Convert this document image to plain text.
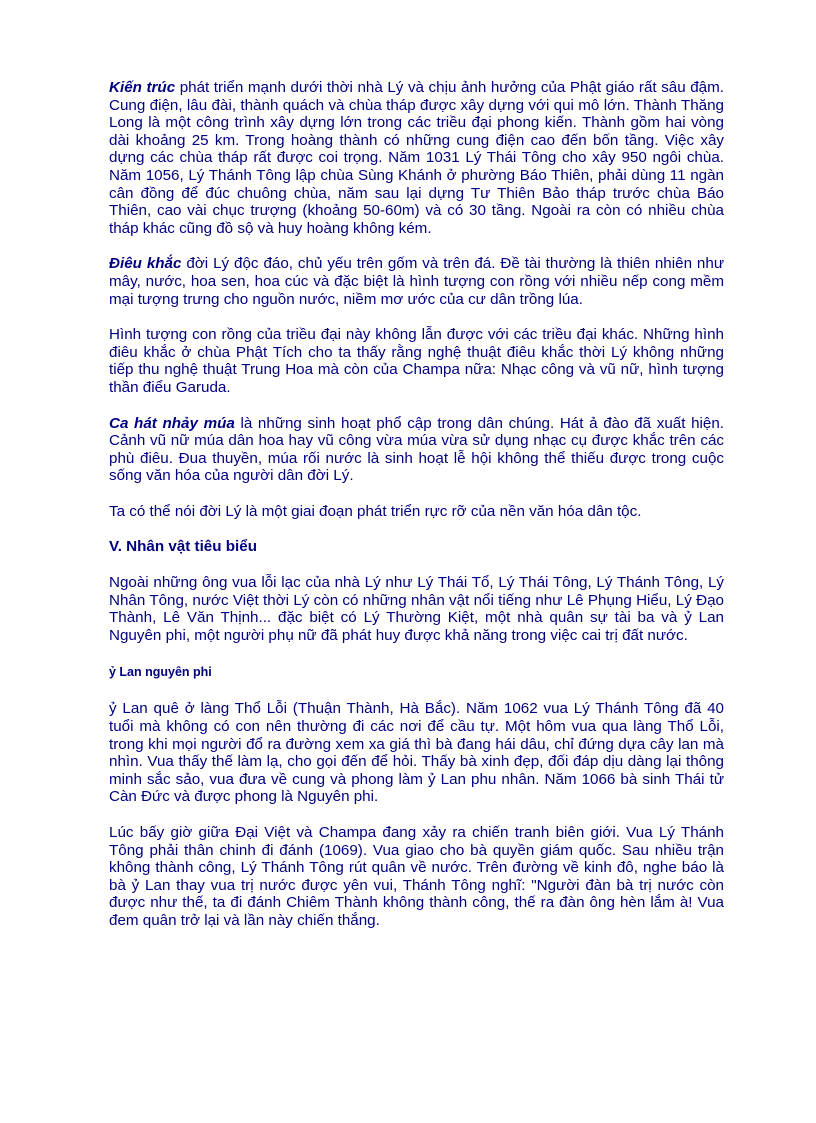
Kiến trúc phát triển mạnh dưới thời nhà Lý và chịu ảnh hưởng của Phật giáo rất sâu đậm. Cung điện, lâu đài, thành quách và chùa tháp được xây dựng với qui mô lớn. Thành Thăng Long là một công trình xây dựng lớn trong các triều đại phong kiến. Thành gồm hai vòng dài khoảng 25 km. Trong hoàng thành có những cung điện cao đến bốn tầng. Việc xây dựng các chùa tháp rất được coi trọng. Năm 1031 Lý Thái Tông cho xây 950 ngôi chùa. Năm 1056, Lý Thánh Tông lập chùa Sùng Khánh ở phường Báo Thiên, phải dùng 11 ngàn cân đồng để đúc chuông chùa, năm sau lại dựng Tư Thiên Bảo tháp trước chùa Báo Thiên, cao vài chục trượng (khoảng 50-60m) và có 30 tầng. Ngoài ra còn có nhiều chùa tháp khác cũng đồ sộ và huy hoàng không kém.

Điêu khắc đời Lý độc đáo, chủ yếu trên gốm và trên đá. Đề tài thường là thiên nhiên như mây, nước, hoa sen, hoa cúc và đặc biệt là hình tượng con rồng với nhiều nếp cong mềm mại tượng trưng cho nguồn nước, niềm mơ ước của cư dân trồng lúa.

Hình tượng con rồng của triều đại này không lẫn được với các triều đại khác. Những hình điêu khắc ở chùa Phật Tích cho ta thấy rằng nghệ thuật điêu khắc thời Lý không những tiếp thu nghệ thuật Trung Hoa mà còn của Champa nữa: Nhạc công và vũ nữ, hình tượng thần điểu Garuda.

Ca hát nhảy múa là những sinh hoạt phổ cập trong dân chúng. Hát ả đào đã xuất hiện. Cảnh vũ nữ múa dân hoa hay vũ công vừa múa vừa sử dụng nhạc cụ được khắc trên các phù điêu. Đua thuyền, múa rối nước là sinh hoạt lễ hội không thể thiếu được trong cuộc sống văn hóa của người dân đời Lý.

Ta có thể nói đời Lý là một giai đoạn phát triển rực rỡ của nền văn hóa dân tộc.

V. Nhân vật tiêu biểu

Ngoài những ông vua lỗi lạc của nhà Lý như Lý Thái Tổ, Lý Thái Tông, Lý Thánh Tông, Lý Nhân Tông, nước Việt thời Lý còn có những nhân vật nổi tiếng như Lê Phụng Hiểu, Lý Đạo Thành, Lê Văn Thịnh... đặc biệt có Lý Thường Kiệt, một nhà quân sự tài ba và ỷ Lan Nguyên phi, một người phụ nữ đã phát huy được khả năng trong việc cai trị đất nước.

ỷ Lan nguyên phi

ỷ Lan quê ở làng Thổ Lỗi (Thuận Thành, Hà Bắc). Năm 1062 vua Lý Thánh Tông đã 40 tuổi mà không có con nên thường đi các nơi để cầu tự. Một hôm vua qua làng Thổ Lỗi, trong khi mọi người đổ ra đường xem xa giá thì bà đang hái dâu, chỉ đứng dựa cây lan mà nhìn. Vua thấy thế làm lạ, cho gọi đến để hỏi. Thấy bà xinh đẹp, đối đáp dịu dàng lại thông minh sắc sảo, vua đưa về cung và phong làm ỷ Lan phu nhân. Năm 1066 bà sinh Thái tử Càn Đức và được phong là Nguyên phi.

Lúc bấy giờ giữa Đại Việt và Champa đang xảy ra chiến tranh biên giới. Vua Lý Thánh Tông phải thân chinh đi đánh (1069). Vua giao cho bà quyền giám quốc. Sau nhiều trận không thành công, Lý Thánh Tông rút quân về nước. Trên đường về kinh đô, nghe báo là bà ỷ Lan thay vua trị nước được yên vui, Thánh Tông nghĩ: "Người đàn bà trị nước còn được như thế, ta đi đánh Chiêm Thành không thành công, thế ra đàn ông hèn lắm à! Vua đem quân trở lại và lần này chiến thắng.
